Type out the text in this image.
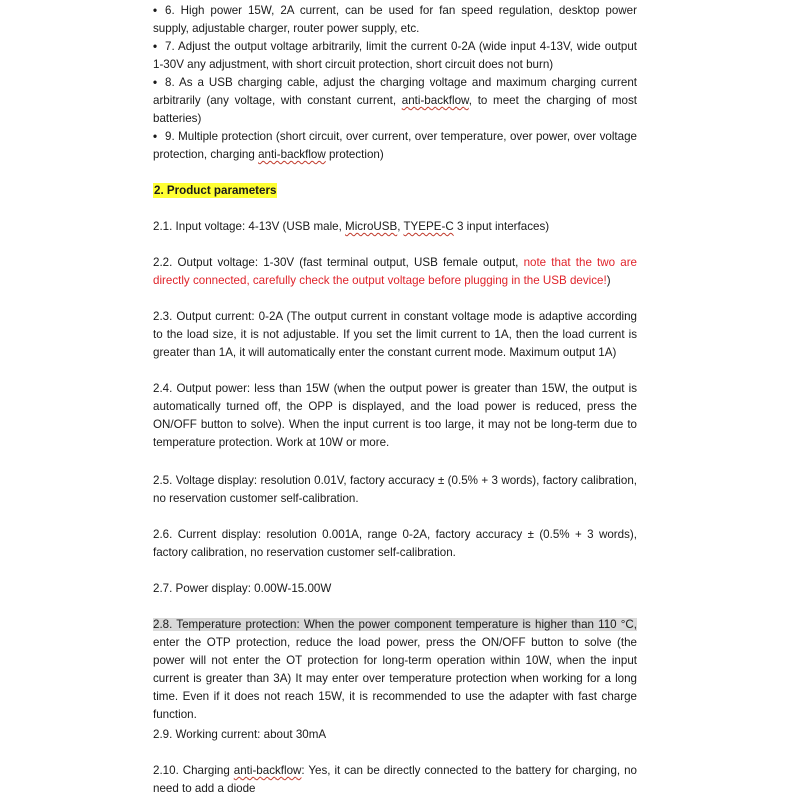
• 6. High power 15W, 2A current, can be used for fan speed regulation, desktop power supply, adjustable charger, router power supply, etc.
• 7. Adjust the output voltage arbitrarily, limit the current 0-2A (wide input 4-13V, wide output 1-30V any adjustment, with short circuit protection, short circuit does not burn)
• 8. As a USB charging cable, adjust the charging voltage and maximum charging current arbitrarily (any voltage, with constant current, anti-backflow, to meet the charging of most batteries)
• 9. Multiple protection (short circuit, over current, over temperature, over power, over voltage protection, charging anti-backflow protection)
2. Product parameters
2.1. Input voltage: 4-13V (USB male, MicroUSB, TYEPE-C 3 input interfaces)
2.2. Output voltage: 1-30V (fast terminal output, USB female output, note that the two are directly connected, carefully check the output voltage before plugging in the USB device!)
2.3. Output current: 0-2A (The output current in constant voltage mode is adaptive according to the load size, it is not adjustable. If you set the limit current to 1A, then the load current is greater than 1A, it will automatically enter the constant current mode. Maximum output 1A)
2.4. Output power: less than 15W (when the output power is greater than 15W, the output is automatically turned off, the OPP is displayed, and the load power is reduced, press the ON/OFF button to solve). When the input current is too large, it may not be long-term due to temperature protection. Work at 10W or more.
2.5. Voltage display: resolution 0.01V, factory accuracy ± (0.5% + 3 words), factory calibration, no reservation customer self-calibration.
2.6. Current display: resolution 0.001A, range 0-2A, factory accuracy ± (0.5% + 3 words), factory calibration, no reservation customer self-calibration.
2.7. Power display: 0.00W-15.00W
2.8. Temperature protection: When the power component temperature is higher than 110 °C, enter the OTP protection, reduce the load power, press the ON/OFF button to solve (the power will not enter the OT protection for long-term operation within 10W, when the input current is greater than 3A) It may enter over temperature protection when working for a long time. Even if it does not reach 15W, it is recommended to use the adapter with fast charge function.
2.9. Working current: about 30mA
2.10. Charging anti-backflow: Yes, it can be directly connected to the battery for charging, no need to add a diode
